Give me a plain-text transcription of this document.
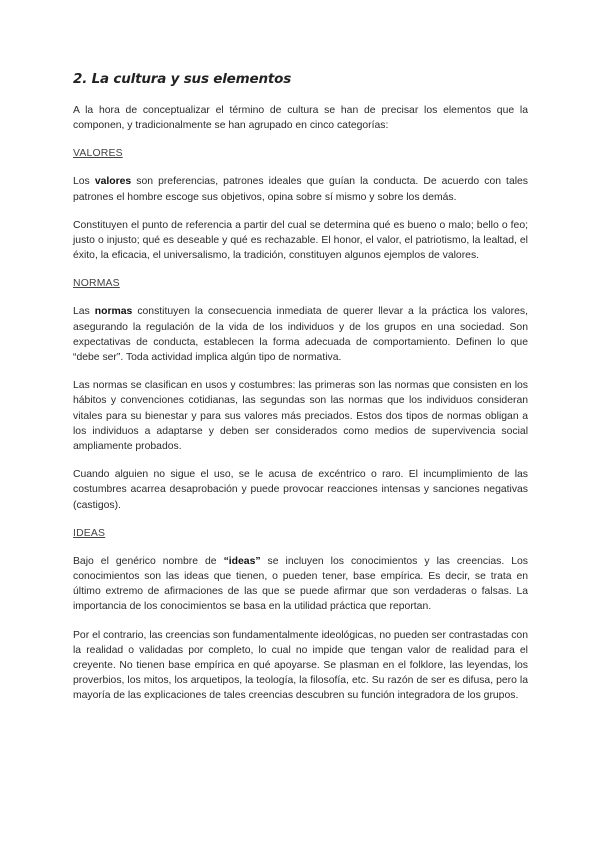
2. La cultura y sus elementos

A la hora de conceptualizar el término de cultura se han de precisar los elementos que la componen, y tradicionalmente se han agrupado en cinco categorías:

VALORES

Los valores son preferencias, patrones ideales que guían la conducta. De acuerdo con tales patrones el hombre escoge sus objetivos, opina sobre sí mismo y sobre los demás.

Constituyen el punto de referencia a partir del cual se determina qué es bueno o malo; bello o feo; justo o injusto; qué es deseable y qué es rechazable. El honor, el valor, el patriotismo, la lealtad, el éxito, la eficacia, el universalismo, la tradición, constituyen algunos ejemplos de valores.

NORMAS

Las normas constituyen la consecuencia inmediata de querer llevar a la práctica los valores, asegurando la regulación de la vida de los individuos y de los grupos en una sociedad. Son expectativas de conducta, establecen la forma adecuada de comportamiento. Definen lo que “debe ser”. Toda actividad implica algún tipo de normativa.

Las normas se clasifican en usos y costumbres: las primeras son las normas que consisten en los hábitos y convenciones cotidianas, las segundas son las normas que los individuos consideran vitales para su bienestar y para sus valores más preciados. Estos dos tipos de normas obligan a los individuos a adaptarse y deben ser considerados como medios de supervivencia social ampliamente probados.

Cuando alguien no sigue el uso, se le acusa de excéntrico o raro. El incumplimiento de las costumbres acarrea desaprobación y puede provocar reacciones intensas y sanciones negativas (castigos).

IDEAS

Bajo el genérico nombre de “ideas” se incluyen los conocimientos y las creencias. Los conocimientos son las ideas que tienen, o pueden tener, base empírica. Es decir, se trata en último extremo de afirmaciones de las que se puede afirmar que son verdaderas o falsas. La importancia de los conocimientos se basa en la utilidad práctica que reportan.

Por el contrario, las creencias son fundamentalmente ideológicas, no pueden ser contrastadas con la realidad o validadas por completo, lo cual no impide que tengan valor de realidad para el creyente. No tienen base empírica en qué apoyarse. Se plasman en el folklore, las leyendas, los proverbios, los mitos, los arquetipos, la teología, la filosofía, etc. Su razón de ser es difusa, pero la mayoría de las explicaciones de tales creencias descubren su función integradora de los grupos.
